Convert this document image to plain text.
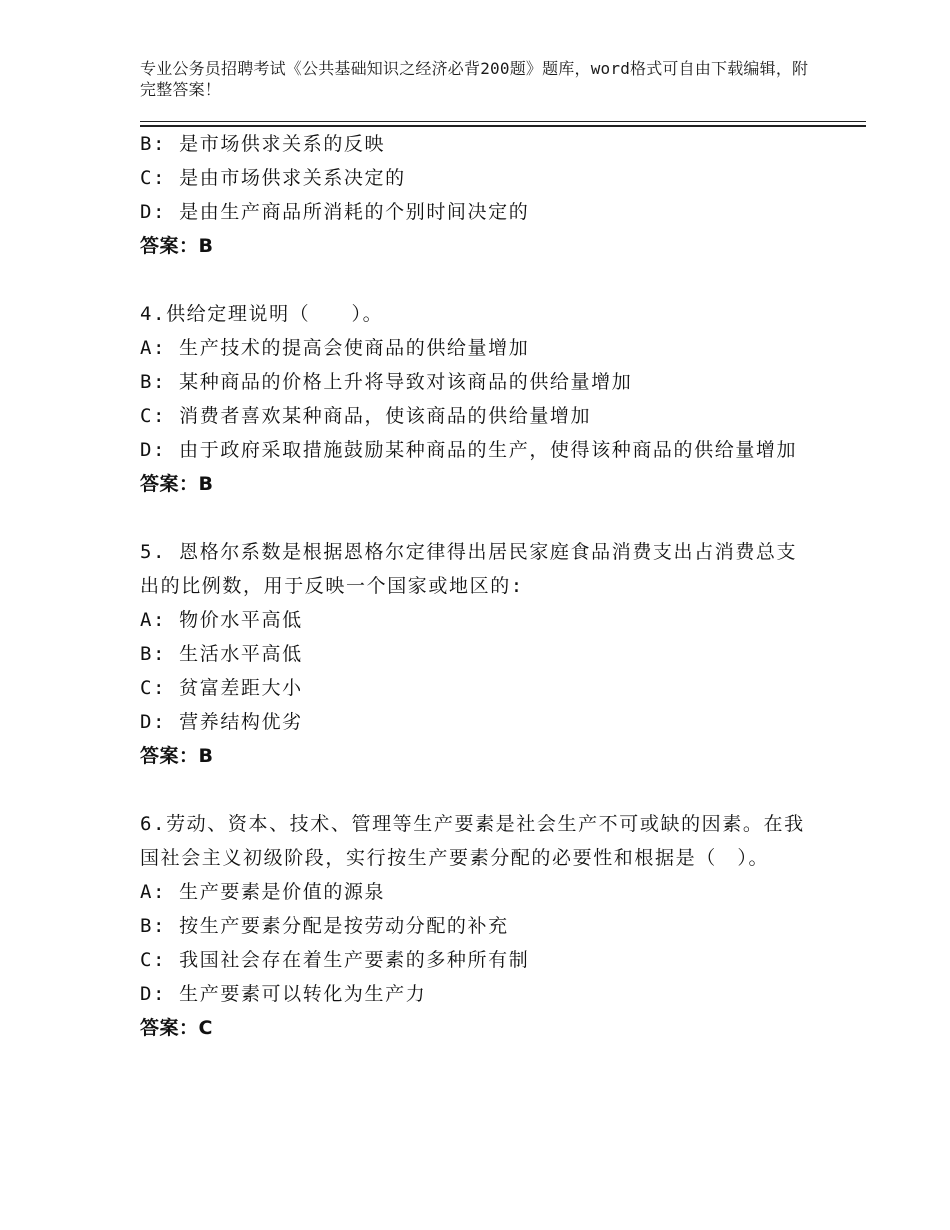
专业公务员招聘考试《公共基础知识之经济必背200题》题库，word格式可自由下载编辑，附完整答案！
B: 是市场供求关系的反映
C: 是由市场供求关系决定的
D: 是由生产商品所消耗的个别时间决定的
答案：B
4.供给定理说明（　　）。
A: 生产技术的提高会使商品的供给量增加
B: 某种商品的价格上升将导致对该商品的供给量增加
C: 消费者喜欢某种商品，使该商品的供给量增加
D: 由于政府采取措施鼓励某种商品的生产，使得该种商品的供给量增加
答案：B
5. 恩格尔系数是根据恩格尔定律得出居民家庭食品消费支出占消费总支出的比例数，用于反映一个国家或地区的:
A: 物价水平高低
B: 生活水平高低
C: 贫富差距大小
D: 营养结构优劣
答案：B
6.劳动、资本、技术、管理等生产要素是社会生产不可或缺的因素。在我国社会主义初级阶段，实行按生产要素分配的必要性和根据是（　）。
A: 生产要素是价值的源泉
B: 按生产要素分配是按劳动分配的补充
C: 我国社会存在着生产要素的多种所有制
D: 生产要素可以转化为生产力
答案：C
